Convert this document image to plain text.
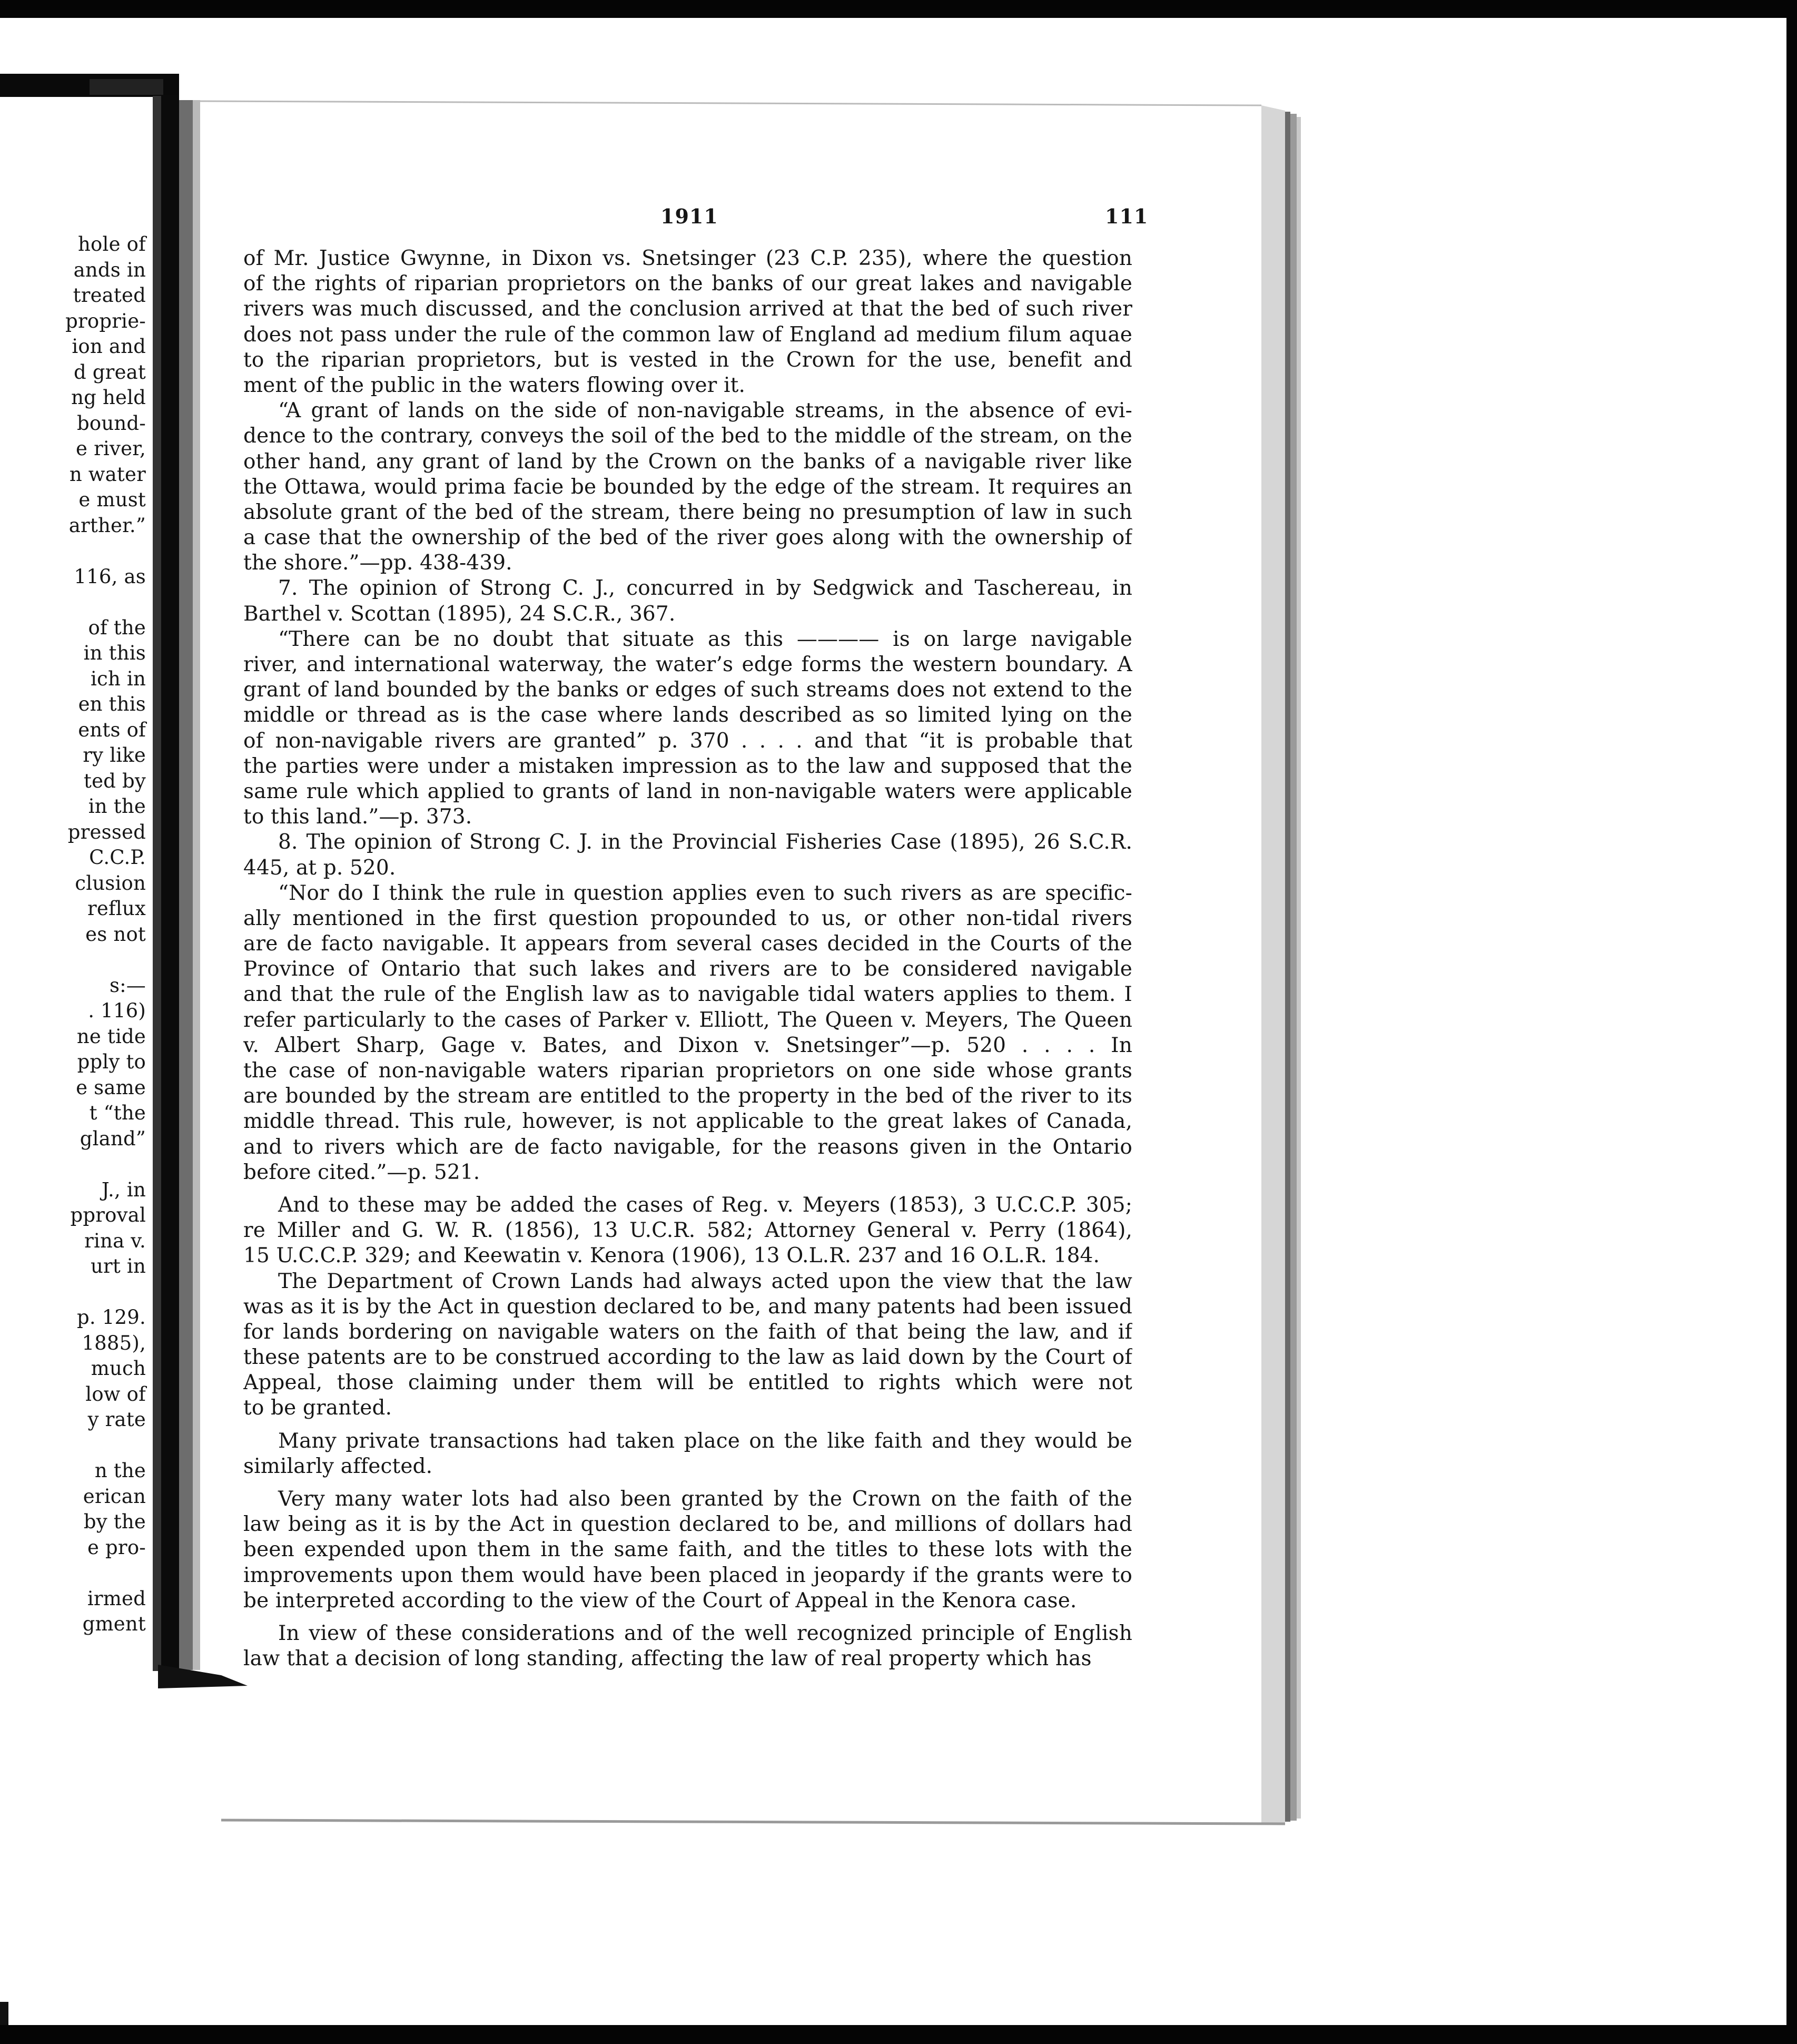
hole of
ands in
treated
proprie-
ion and
d great
ng held
bound-
e river,
n water
e must
arther.”
116, as
of the
in this
ich in
en this
ents of
ry like
ted by
in the
pressed
C.C.P.
clusion
reflux
es not
s:—
. 116)
ne tide
pply to
e same
t “the
gland”
J., in
pproval
rina v.
urt in
p. 129.
1885),
much
low of
y rate
n the
erican
by the
e pro-
irmed
gment
1911	111
of Mr. Justice Gwynne, in Dixon vs. Snetsinger (23 C.P. 235), where the question
of the rights of riparian proprietors on the banks of our great lakes and navigable
rivers was much discussed, and the conclusion arrived at that the bed of such river
does not pass under the rule of the common law of England ad medium filum aquae
to the riparian proprietors, but is vested in the Crown for the use, benefit and
ment of the public in the waters flowing over it.
“A grant of lands on the side of non-navigable streams, in the absence of evi-
dence to the contrary, conveys the soil of the bed to the middle of the stream, on the
other hand, any grant of land by the Crown on the banks of a navigable river like
the Ottawa, would prima facie be bounded by the edge of the stream. It requires an
absolute grant of the bed of the stream, there being no presumption of law in such
a case that the ownership of the bed of the river goes along with the ownership of
the shore.”—pp. 438-439.
7. The opinion of Strong C. J., concurred in by Sedgwick and Taschereau, in
Barthel v. Scottan (1895), 24 S.C.R., 367.
“There can be no doubt that situate as this ———— is on large navigable
river, and international waterway, the water’s edge forms the western boundary. A
grant of land bounded by the banks or edges of such streams does not extend to the
middle or thread as is the case where lands described as so limited lying on the
of non-navigable rivers are granted” p. 370 . . . . and that “it is probable that
the parties were under a mistaken impression as to the law and supposed that the
same rule which applied to grants of land in non-navigable waters were applicable
to this land.”—p. 373.
8. The opinion of Strong C. J. in the Provincial Fisheries Case (1895), 26 S.C.R.
445, at p. 520.
“Nor do I think the rule in question applies even to such rivers as are specific-
ally mentioned in the first question propounded to us, or other non-tidal rivers
are de facto navigable. It appears from several cases decided in the Courts of the
Province of Ontario that such lakes and rivers are to be considered navigable
and that the rule of the English law as to navigable tidal waters applies to them. I
refer particularly to the cases of Parker v. Elliott, The Queen v. Meyers, The Queen
v. Albert Sharp, Gage v. Bates, and Dixon v. Snetsinger”—p. 520 . . . . In
the case of non-navigable waters riparian proprietors on one side whose grants
are bounded by the stream are entitled to the property in the bed of the river to its
middle thread. This rule, however, is not applicable to the great lakes of Canada,
and to rivers which are de facto navigable, for the reasons given in the Ontario
before cited.”—p. 521.
And to these may be added the cases of Reg. v. Meyers (1853), 3 U.C.C.P. 305;
re Miller and G. W. R. (1856), 13 U.C.R. 582; Attorney General v. Perry (1864),
15 U.C.C.P. 329; and Keewatin v. Kenora (1906), 13 O.L.R. 237 and 16 O.L.R. 184.
The Department of Crown Lands had always acted upon the view that the law
was as it is by the Act in question declared to be, and many patents had been issued
for lands bordering on navigable waters on the faith of that being the law, and if
these patents are to be construed according to the law as laid down by the Court of
Appeal, those claiming under them will be entitled to rights which were not
to be granted.
Many private transactions had taken place on the like faith and they would be
similarly affected.
Very many water lots had also been granted by the Crown on the faith of the
law being as it is by the Act in question declared to be, and millions of dollars had
been expended upon them in the same faith, and the titles to these lots with the
improvements upon them would have been placed in jeopardy if the grants were to
be interpreted according to the view of the Court of Appeal in the Kenora case.
In view of these considerations and of the well recognized principle of English
law that a decision of long standing, affecting the law of real property which has
